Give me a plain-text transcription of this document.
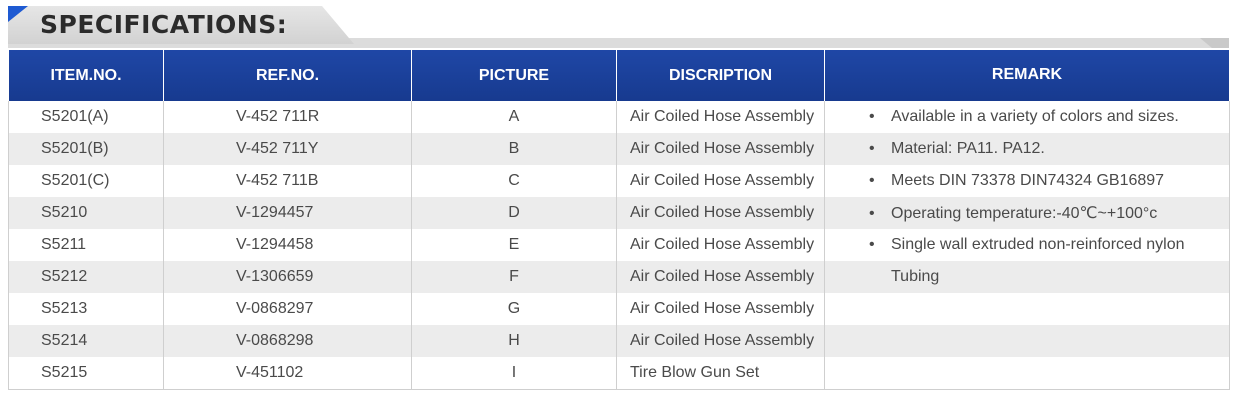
SPECIFICATIONS:
ITEM.NO.	REF.NO.	PICTURE	DISCRIPTION	REMARK
S5201(A)	V-452 711R	A	Air Coiled Hose Assembly	• Available in a variety of colors and sizes.
S5201(B)	V-452 711Y	B	Air Coiled Hose Assembly	• Material: PA11. PA12.
S5201(C)	V-452 711B	C	Air Coiled Hose Assembly	• Meets DIN 73378 DIN74324 GB16897
S5210	V-1294457	D	Air Coiled Hose Assembly	• Operating temperature:-40℃~+100°c
S5211	V-1294458	E	Air Coiled Hose Assembly	• Single wall extruded non-reinforced nylon
S5212	V-1306659	F	Air Coiled Hose Assembly	Tubing
S5213	V-0868297	G	Air Coiled Hose Assembly	
S5214	V-0868298	H	Air Coiled Hose Assembly	
S5215	V-451102	I	Tire Blow Gun Set	
